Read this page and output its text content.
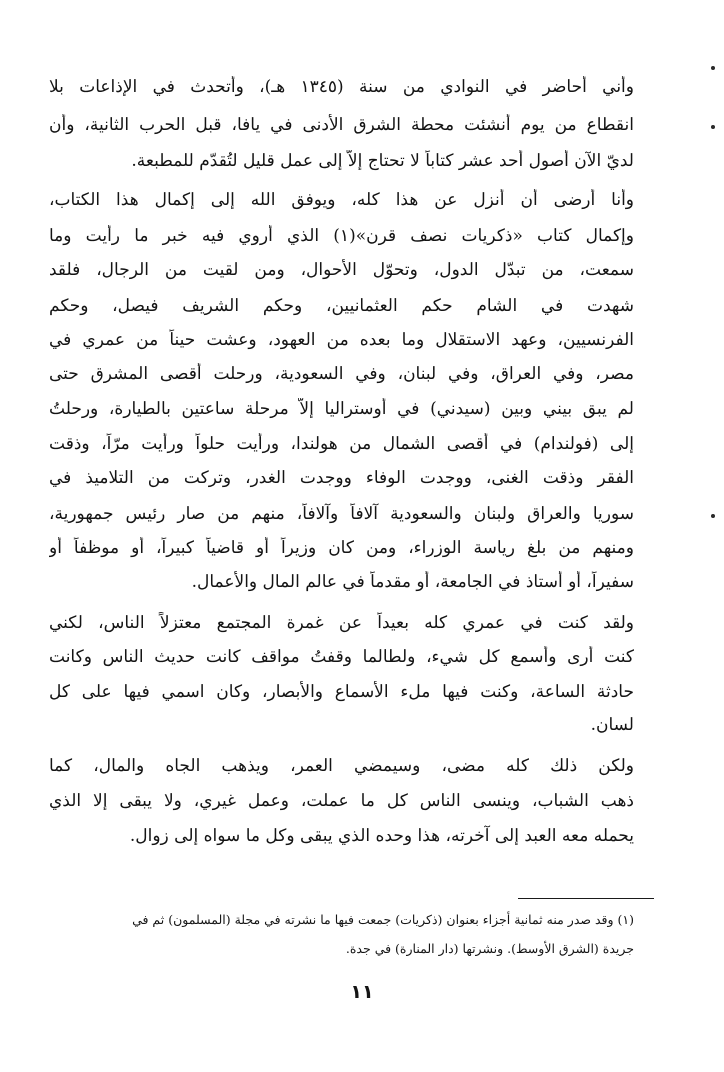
وأني أحاضر في النوادي من سنة (١٣٤٥ هـ)، وأتحدث في الإذاعات بلا
انقطاع من يوم أنشئت محطة الشرق الأدنى في يافا، قبل الحرب الثانية، وأن
لديّ الآن أصول أحد عشر كتاباً لا تحتاج إلاّ إلى عمل قليل لتُقدّم للمطبعة.
وأنا أرضى أن أنزل عن هذا كله، ويوفق الله إلى إكمال هذا الكتاب،
وإكمال كتاب «ذكريات نصف قرن»(١) الذي أروي فيه خبر ما رأيت وما
سمعت، من تبدّل الدول، وتحوّل الأحوال، ومن لقيت من الرجال، فلقد
شهدت في الشام حكم العثمانيين، وحكم الشريف فيصل، وحكم
الفرنسيين، وعهد الاستقلال وما بعده من العهود، وعشت حيناً من عمري في
مصر، وفي العراق، وفي لبنان، وفي السعودية، ورحلت أقصى المشرق حتى
لم يبق بيني وبين (سيدني) في أوستراليا إلاّ مرحلة ساعتين بالطيارة، ورحلتُ
إلى (فولندام) في أقصى الشمال من هولندا، ورأيت حلواً ورأيت مرّاً، وذقت
الفقر وذقت الغنى، ووجدت الوفاء ووجدت الغدر، وتركت من التلاميذ في
سوريا والعراق ولبنان والسعودية آلافاً وآلافاً، منهم من صار رئيس جمهورية،
ومنهم من بلغ رياسة الوزراء، ومن كان وزيراً أو قاضياً كبيراً، أو موظفاً أو
سفيراً، أو أستاذ في الجامعة، أو مقدماً في عالم المال والأعمال.
ولقد كنت في عمري كله بعيداً عن غمرة المجتمع معتزلاً الناس، لكني
كنت أرى وأسمع كل شيء، ولطالما وقفتُ مواقف كانت حديث الناس وكانت
حادثة الساعة، وكنت فيها ملء الأسماع والأبصار، وكان اسمي فيها على كل
لسان.
ولكن ذلك كله مضى، وسيمضي العمر، ويذهب الجاه والمال، كما
ذهب الشباب، وينسى الناس كل ما عملت، وعمل غيري، ولا يبقى إلا الذي
يحمله معه العبد إلى آخرته، هذا وحده الذي يبقى وكل ما سواه إلى زوال.
(١) وقد صدر منه ثمانية أجزاء بعنوان (ذكريات) جمعت فيها ما نشرته في مجلة (المسلمون) ثم في
جريدة (الشرق الأوسط). ونشرتها (دار المنارة) في جدة.
١١
